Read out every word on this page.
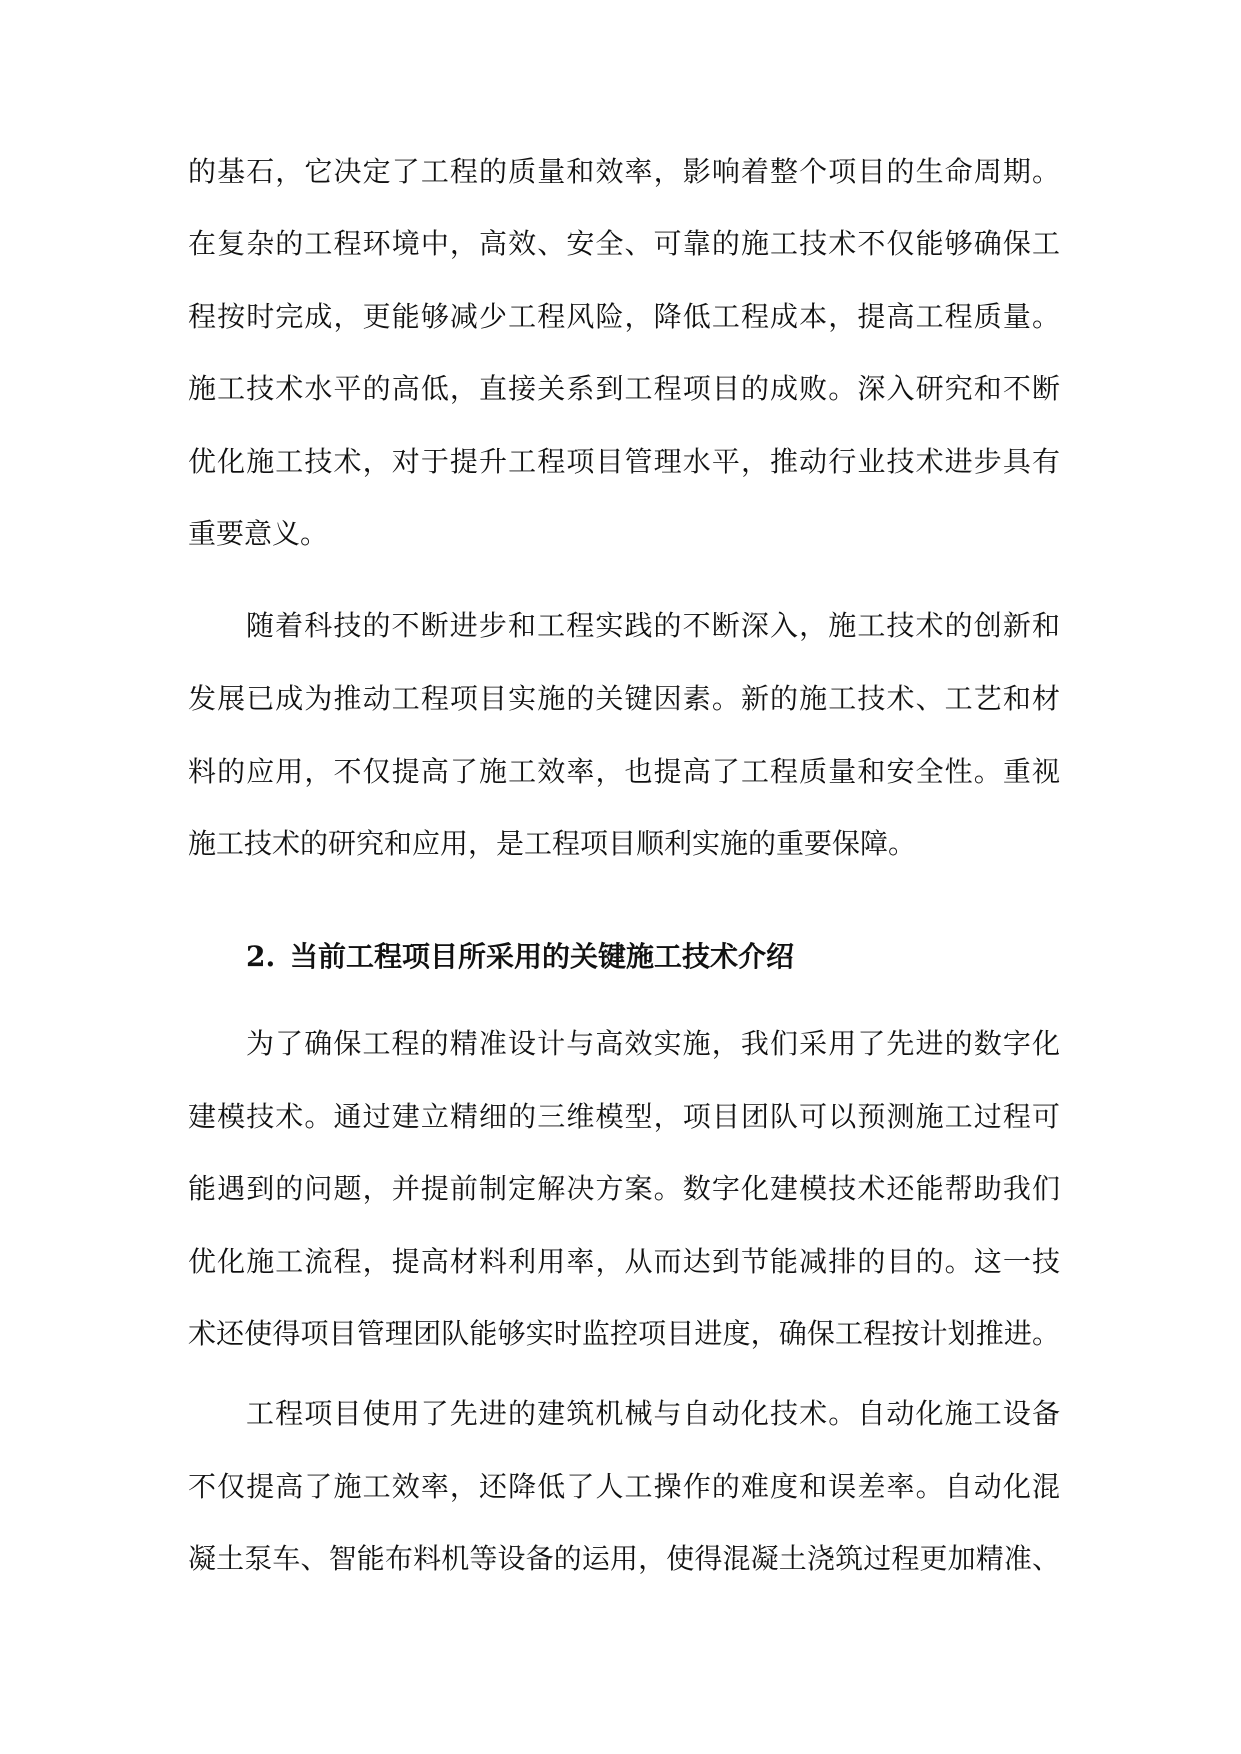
的基石，它决定了工程的质量和效率，影响着整个项目的生命周期。
在复杂的工程环境中，高效、安全、可靠的施工技术不仅能够确保工
程按时完成，更能够减少工程风险，降低工程成本，提高工程质量。
施工技术水平的高低，直接关系到工程项目的成败。深入研究和不断
优化施工技术，对于提升工程项目管理水平，推动行业技术进步具有
重要意义。
随着科技的不断进步和工程实践的不断深入，施工技术的创新和
发展已成为推动工程项目实施的关键因素。新的施工技术、工艺和材
料的应用，不仅提高了施工效率，也提高了工程质量和安全性。重视
施工技术的研究和应用，是工程项目顺利实施的重要保障。
2. 当前工程项目所采用的关键施工技术介绍
为了确保工程的精准设计与高效实施，我们采用了先进的数字化
建模技术。通过建立精细的三维模型，项目团队可以预测施工过程可
能遇到的问题，并提前制定解决方案。数字化建模技术还能帮助我们
优化施工流程，提高材料利用率，从而达到节能减排的目的。这一技
术还使得项目管理团队能够实时监控项目进度，确保工程按计划推进。
工程项目使用了先进的建筑机械与自动化技术。自动化施工设备
不仅提高了施工效率，还降低了人工操作的难度和误差率。自动化混
凝土泵车、智能布料机等设备的运用，使得混凝土浇筑过程更加精准、
